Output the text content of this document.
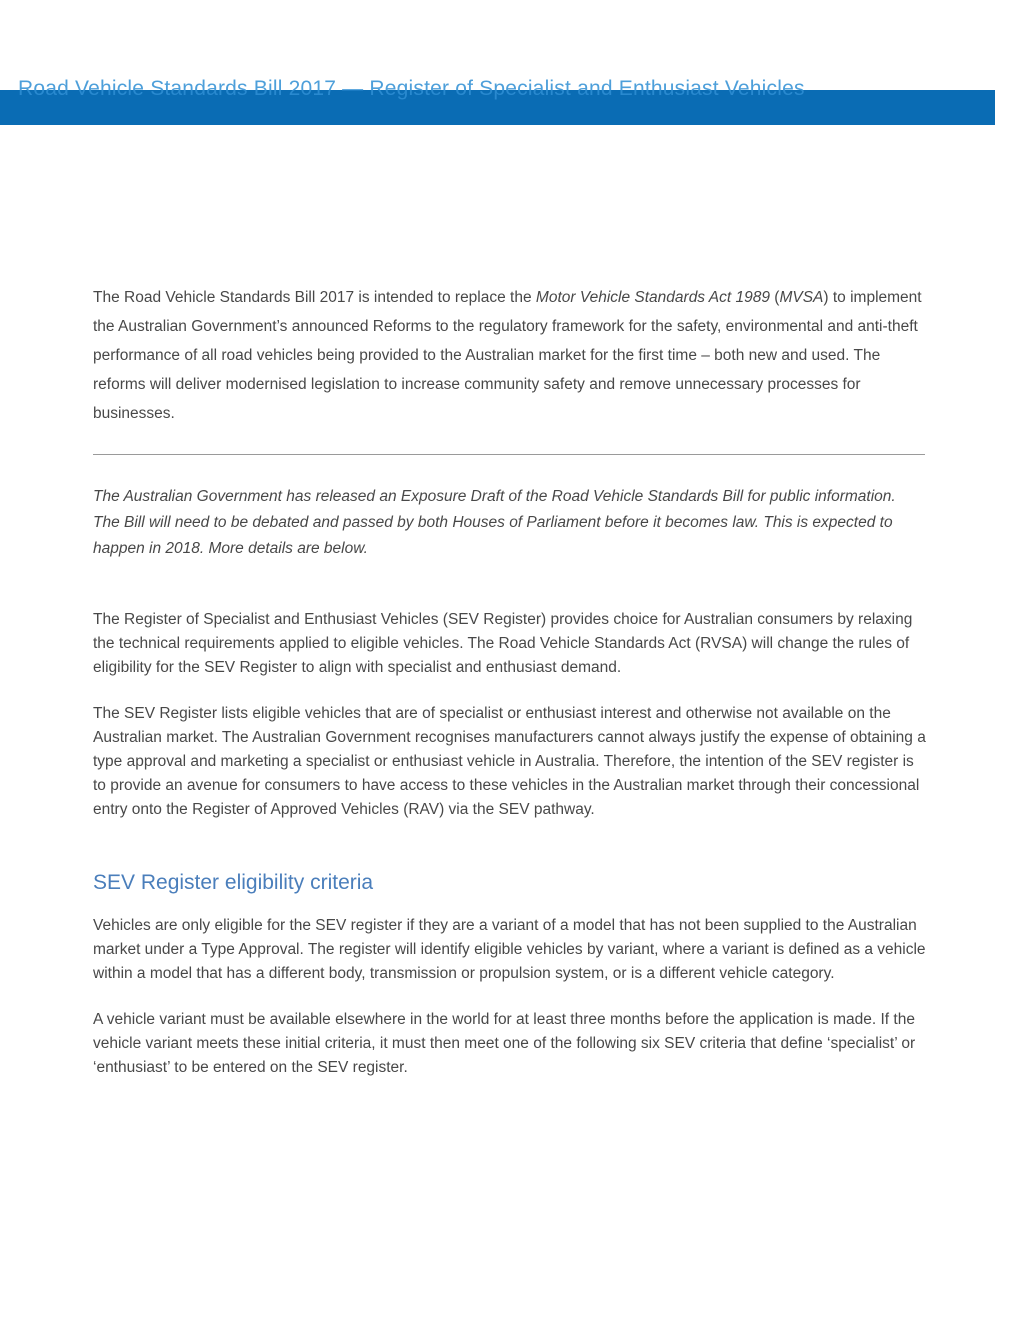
Road Vehicle Standards Bill 2017 — Register of Specialist and Enthusiast Vehicles

The Road Vehicle Standards Bill 2017 is intended to replace the Motor Vehicle Standards Act 1989 (MVSA) to implement the Australian Government’s announced Reforms to the regulatory framework for the safety, environmental and anti-theft performance of all road vehicles being provided to the Australian market for the first time – both new and used. The reforms will deliver modernised legislation to increase community safety and remove unnecessary processes for businesses.

The Australian Government has released an Exposure Draft of the Road Vehicle Standards Bill for public information. The Bill will need to be debated and passed by both Houses of Parliament before it becomes law. This is expected to happen in 2018. More details are below.

The Register of Specialist and Enthusiast Vehicles (SEV Register) provides choice for Australian consumers by relaxing the technical requirements applied to eligible vehicles. The Road Vehicle Standards Act (RVSA) will change the rules of eligibility for the SEV Register to align with specialist and enthusiast demand.

The SEV Register lists eligible vehicles that are of specialist or enthusiast interest and otherwise not available on the Australian market. The Australian Government recognises manufacturers cannot always justify the expense of obtaining a type approval and marketing a specialist or enthusiast vehicle in Australia. Therefore, the intention of the SEV register is to provide an avenue for consumers to have access to these vehicles in the Australian market through their concessional entry onto the Register of Approved Vehicles (RAV) via the SEV pathway.

SEV Register eligibility criteria

Vehicles are only eligible for the SEV register if they are a variant of a model that has not been supplied to the Australian market under a Type Approval. The register will identify eligible vehicles by variant, where a variant is defined as a vehicle within a model that has a different body, transmission or propulsion system, or is a different vehicle category.

A vehicle variant must be available elsewhere in the world for at least three months before the application is made. If the vehicle variant meets these initial criteria, it must then meet one of the following six SEV criteria that define ‘specialist’ or ‘enthusiast’ to be entered on the SEV register.
